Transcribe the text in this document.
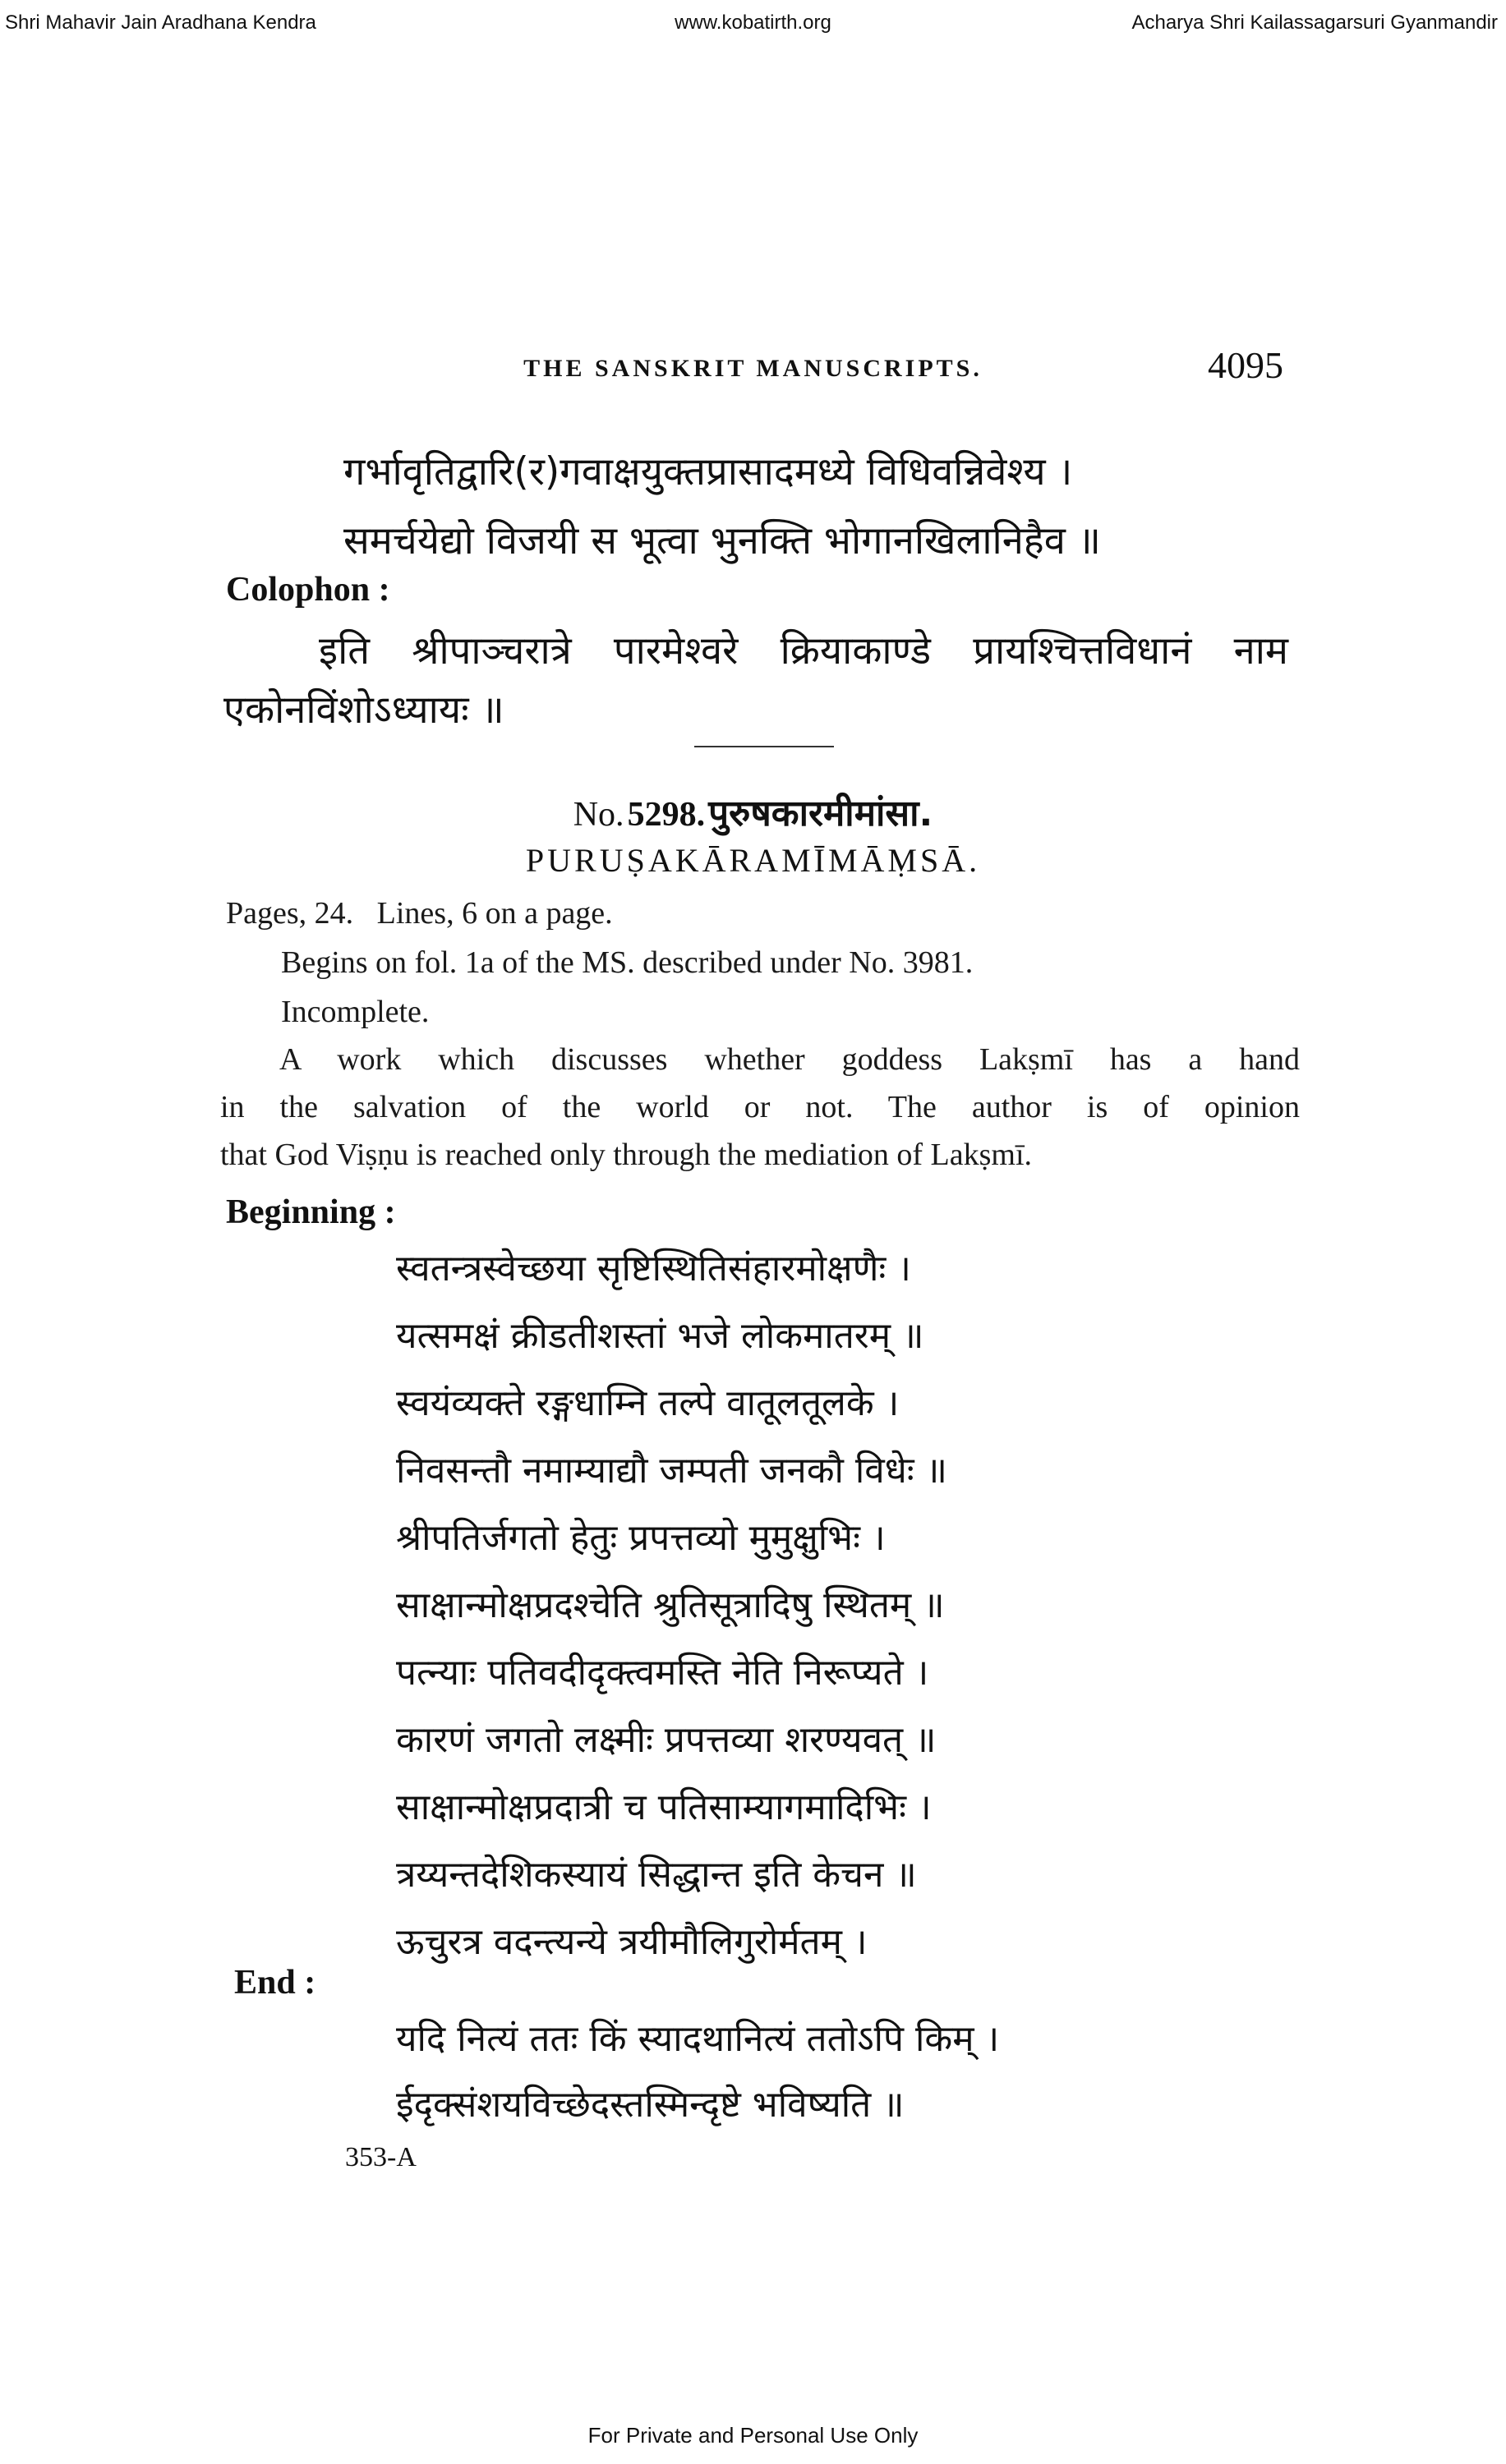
Shri Mahavir Jain Aradhana Kendra	www.kobatirth.org	Acharya Shri Kailassagarsuri Gyanmandir
THE SANSKRIT MANUSCRIPTS.	4095
गर्भावृतिद्वारि(र)गवाक्षयुक्तप्रासादमध्ये विधिवन्निवेश्य ।
समर्चयेद्यो विजयी स भूत्वा भुनक्ति भोगानखिलानिहैव ॥
Colophon :
इति श्रीपाञ्चरात्रे पारमेश्वरे क्रियाकाण्डे प्रायश्चित्तविधानं नाम
एकोनविंशोऽध्यायः ॥
No. 5298. पुरुषकारमीमांसा.
PURUṢAKĀRAMĪMĀṂSĀ.
Pages, 24.   Lines, 6 on a page.
Begins on fol. 1a of the MS. described under No. 3981.
Incomplete.
A work which discusses whether goddess Lakṣmī has a hand
in the salvation of the world or not. The author is of opinion
that God Viṣṇu is reached only through the mediation of Lakṣmī.
Beginning :
स्वतन्त्रस्वेच्छया सृष्टिस्थितिसंहारमोक्षणैः ।
यत्समक्षं क्रीडतीशस्तां भजे लोकमातरम् ॥
स्वयंव्यक्ते रङ्गधाम्नि तल्पे वातूलतूलके ।
निवसन्तौ नमाम्याद्यौ जम्पती जनकौ विधेः ॥
श्रीपतिर्जगतो हेतुः प्रपत्तव्यो मुमुक्षुभिः ।
साक्षान्मोक्षप्रदश्चेति श्रुतिसूत्रादिषु स्थितम् ॥
पत्न्याः पतिवदीदृक्त्वमस्ति नेति निरूप्यते ।
कारणं जगतो लक्ष्मीः प्रपत्तव्या शरण्यवत् ॥
साक्षान्मोक्षप्रदात्री च पतिसाम्यागमादिभिः ।
त्रय्यन्तदेशिकस्यायं सिद्धान्त इति केचन ॥
ऊचुरत्र वदन्त्यन्ये त्रयीमौलिगुरोर्मतम् ।
End :
यदि नित्यं ततः किं स्यादथानित्यं ततोऽपि किम् ।
ईदृक्संशयविच्छेदस्तस्मिन्दृष्टे भविष्यति ॥
353-A
For Private and Personal Use Only
